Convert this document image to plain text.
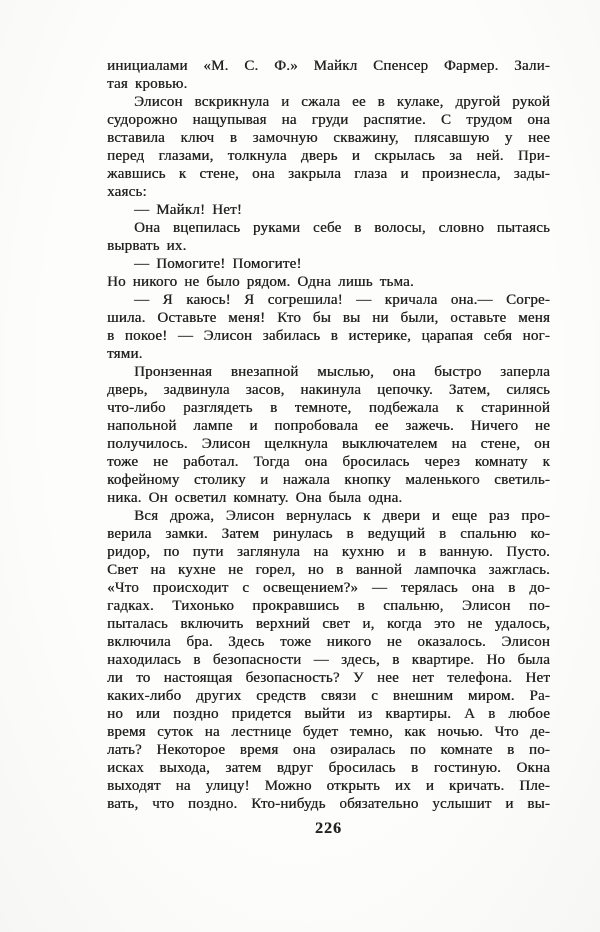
инициалами «М. С. Ф.» Майкл Спенсер Фармер. Зали-
тая кровью.
Элисон вскрикнула и сжала ее в кулаке, другой рукой
судорожно нащупывая на груди распятие. С трудом она
вставила ключ в замочную скважину, плясавшую у нее
перед глазами, толкнула дверь и скрылась за ней. При-
жавшись к стене, она закрыла глаза и произнесла, зады-
хаясь:
— Майкл! Нет!
Она вцепилась руками себе в волосы, словно пытаясь
вырвать их.
— Помогите! Помогите!
Но никого не было рядом. Одна лишь тьма.
— Я каюсь! Я согрешила! — кричала она.— Согре-
шила. Оставьте меня! Кто бы вы ни были, оставьте меня
в покое! — Элисон забилась в истерике, царапая себя ног-
тями.
Пронзенная внезапной мыслью, она быстро заперла
дверь, задвинула засов, накинула цепочку. Затем, силясь
что-либо разглядеть в темноте, подбежала к старинной
напольной лампе и попробовала ее зажечь. Ничего не
получилось. Элисон щелкнула выключателем на стене, он
тоже не работал. Тогда она бросилась через комнату к
кофейному столику и нажала кнопку маленького светиль-
ника. Он осветил комнату. Она была одна.
Вся дрожа, Элисон вернулась к двери и еще раз про-
верила замки. Затем ринулась в ведущий в спальню ко-
ридор, по пути заглянула на кухню и в ванную. Пусто.
Свет на кухне не горел, но в ванной лампочка зажглась.
«Что происходит с освещением?» — терялась она в до-
гадках. Тихонько прокравшись в спальню, Элисон по-
пыталась включить верхний свет и, когда это не удалось,
включила бра. Здесь тоже никого не оказалось. Элисон
находилась в безопасности — здесь, в квартире. Но была
ли то настоящая безопасность? У нее нет телефона. Нет
каких-либо других средств связи с внешним миром. Ра-
но или поздно придется выйти из квартиры. А в любое
время суток на лестнице будет темно, как ночью. Что де-
лать? Некоторое время она озиралась по комнате в по-
исках выхода, затем вдруг бросилась в гостиную. Окна
выходят на улицу! Можно открыть их и кричать. Пле-
вать, что поздно. Кто-нибудь обязательно услышит и вы-
226
